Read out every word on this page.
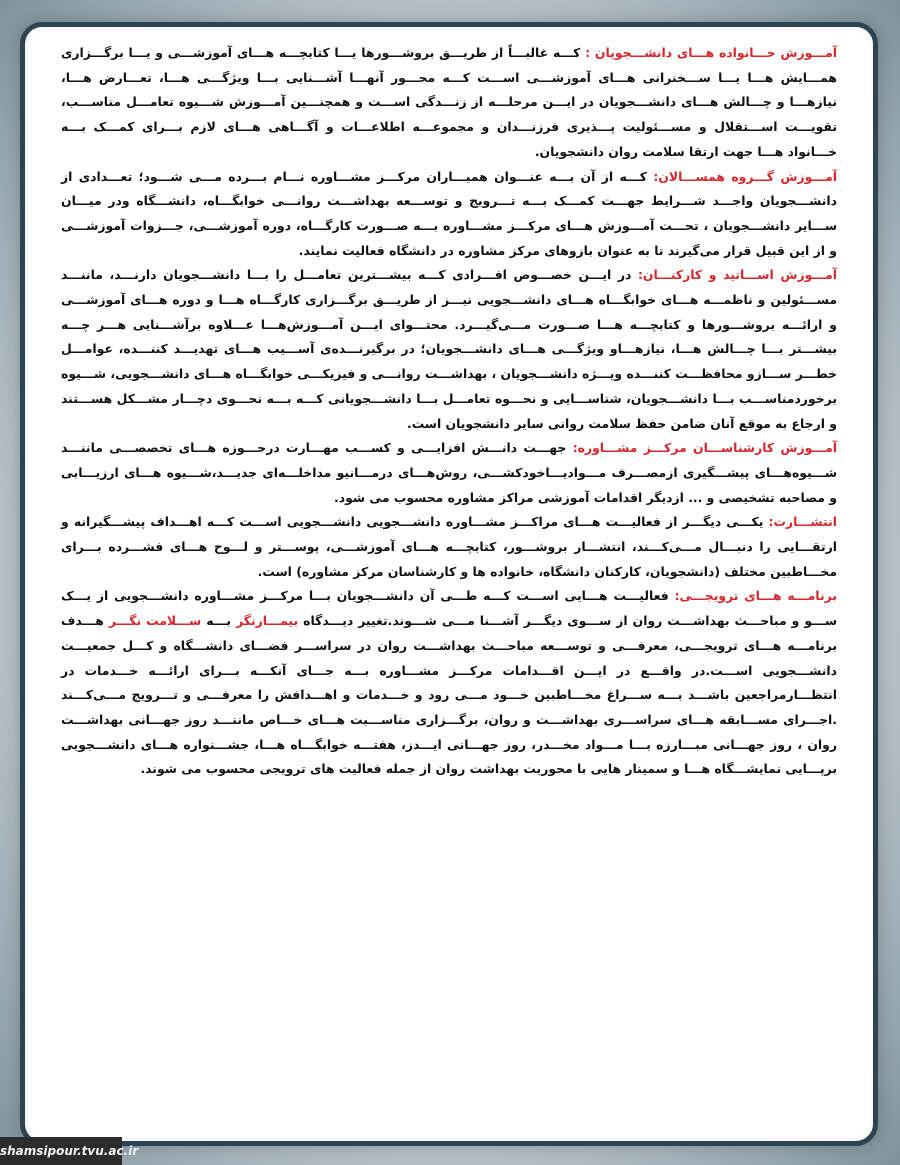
آمـــوزش خـــانواده هـــای دانشـــجویان : کـــه غالبـــاً از طریـــق بروشـــورها یـــا کتابچـــه هـــای آموزشـــی و یـــا برگـــزاری همـــایش هـــا یـــا ســـخنرانی هـــای آموزشـــی اســـت کـــه محـــور آنهـــا آشـــنایی بـــا ویژگـــی هـــا، تعـــارض هـــا، نیازهـــا و چـــالش هـــای دانشـــجویان در ایـــن مرحلـــه از زنـــدگی اســـت و همچنـــین آمـــوزش شـــیوه تعامـــل مناســـب، تقویـــت اســـتقلال و مســـئولیت پـــذیری فرزنـــدان و مجموعـــه اطلاعـــات و آگـــاهی هـــای لازم بـــرای کمـــک بـــه خـــانواد هـــا جهت ارتقا سلامت روان دانشجویان.

آمـــوزش گـــروه همســـالان: کـــه از آن بـــه عنـــوان همیـــاران مرکـــز مشـــاوره نـــام بـــرده مـــی شـــود؛ تعـــدادی از دانشـــجویان واجـــد شـــرایط جهـــت کمـــک بـــه تـــرویج و توســـعه بهداشـــت روانـــی خوابگـــاه، دانشـــگاه ودر میـــان ســـایر دانشـــجویان ، تحـــت آمـــوزش هـــای مرکـــز مشـــاوره بـــه صـــورت کارگـــاه، دوره آموزشـــی، جـــزوات آموزشـــی و از این قبیل قرار می‌گیرند تا به عنوان بازوهای مرکز مشاوره در دانشگاه فعالیت نمایند.

آمـــوزش اســـاتید و کارکنـــان: در ایـــن خصـــوص افـــرادی کـــه بیشـــترین تعامـــل را بـــا دانشـــجویان دارنـــد، ماننـــد مســـئولین و ناظمـــه هـــای خوابگـــاه هـــای دانشـــجویی نیـــز از طریـــق برگـــزاری کارگـــاه هـــا و دوره هـــای آموزشـــی و ارائـــه بروشـــورها و کتابچـــه هـــا صـــورت مـــی‌گیـــرد. محتـــوای ایـــن آمـــوزش‌هـــا عـــلاوه برآشـــنایی هـــر چـــه بیشـــتر بـــا چـــالش هـــا، نیازهـــاو ویژگـــی هـــای دانشـــجویان؛ در برگیرنـــده‌ی آســـیب هـــای تهدیـــد کننـــده، عوامـــل خطـــر ســـازو محافظـــت کننـــده ویـــژه دانشـــجویان ، بهداشـــت روانـــی و فیزیکـــی خوابگـــاه هـــای دانشـــجویی، شـــیوه برخوردمناســـب بـــا دانشـــجویان، شناســـایی و نحـــوه تعامـــل بـــا دانشـــجویانی کـــه بـــه نحـــوی دچـــار مشـــکل هســـتند و ارجاع به موقع آنان ضامن حفظ سلامت روانی سایر دانشجویان است.

آمـــوزش کارشناســـان مرکـــز مشـــاوره: جهـــت دانـــش افزایـــی و کســـب مهـــارت درحـــوزه هـــای تخصصـــی ماننـــد شـــیوه‌هـــای پیشـــگیری ازمصـــرف مـــوادیـــاخودکشـــی، روش‌هـــای درمـــانیو مداخلـــه‌ای جدیـــد،شـــیوه هـــای ارزیـــابی و مصاحبه تشخیصی و ... ازدیگر اقدامات آموزشی مراکز مشاوره محسوب می شود.

انتشـــارت: یکـــی دیگـــر از فعالیـــت هـــای مراکـــز مشـــاوره دانشـــجویی دانشـــجویی اســـت کـــه اهـــداف پیشـــگیرانه و ارتقـــایی را دنبـــال مـــی‌کـــند، انتشـــار بروشـــور، کتابچـــه هـــای آموزشـــی، پوســـتر و لـــوح هـــای فشـــرده بـــرای مخـــاطبین مختلف (دانشجویان، کارکنان دانشگاه، خانواده ها و کارشناسان مرکز مشاوره) است.

برنامـــه هـــای ترویجـــی: فعالیـــت هـــایی اســـت کـــه طـــی آن دانشـــجویان بـــا مرکـــز مشـــاوره دانشـــجویی از یـــک ســـو و مباحـــث بهداشـــت روان از ســـوی دیگـــر آشـــنا مـــی شـــوند.تغییر دیـــدگاه بیمـــارنگر بـــه ســـلامت نگـــر هـــدف برنامـــه هـــای ترویجـــی، معرفـــی و توســـعه مباحـــث بهداشـــت روان در سراســـر فضـــای دانشـــگاه و کـــل جمعیـــت دانشـــجویی اســـت.در واقـــع در ایـــن اقـــدامات مرکـــز مشـــاوره بـــه جـــای آنکـــه بـــرای ارائـــه خـــدمات در انتظـــارمراجعین باشـــد بـــه ســـراغ مخـــاطبین خـــود مـــی رود و خـــدمات و اهـــدافش را معرفـــی و تـــرویج مـــی‌کـــند .اجـــرای مســـابقه هـــای سراســـری بهداشـــت و روان، برگـــزاری مناســـبت هـــای خـــاص ماننـــد روز جهـــانی بهداشـــت روان ، روز جهـــانی مبـــارزه بـــا مـــواد مخـــدر، روز جهـــانی ایـــدز، هفتـــه خوابگـــاه هـــا، جشـــنواره هـــای دانشـــجویی برپـــایی نمایشـــگاه هـــا و سمینار هایی با محوریت بهداشت روان از جمله فعالیت های ترویجی محسوب می شوند.

shamsipour.tvu.ac.ir
